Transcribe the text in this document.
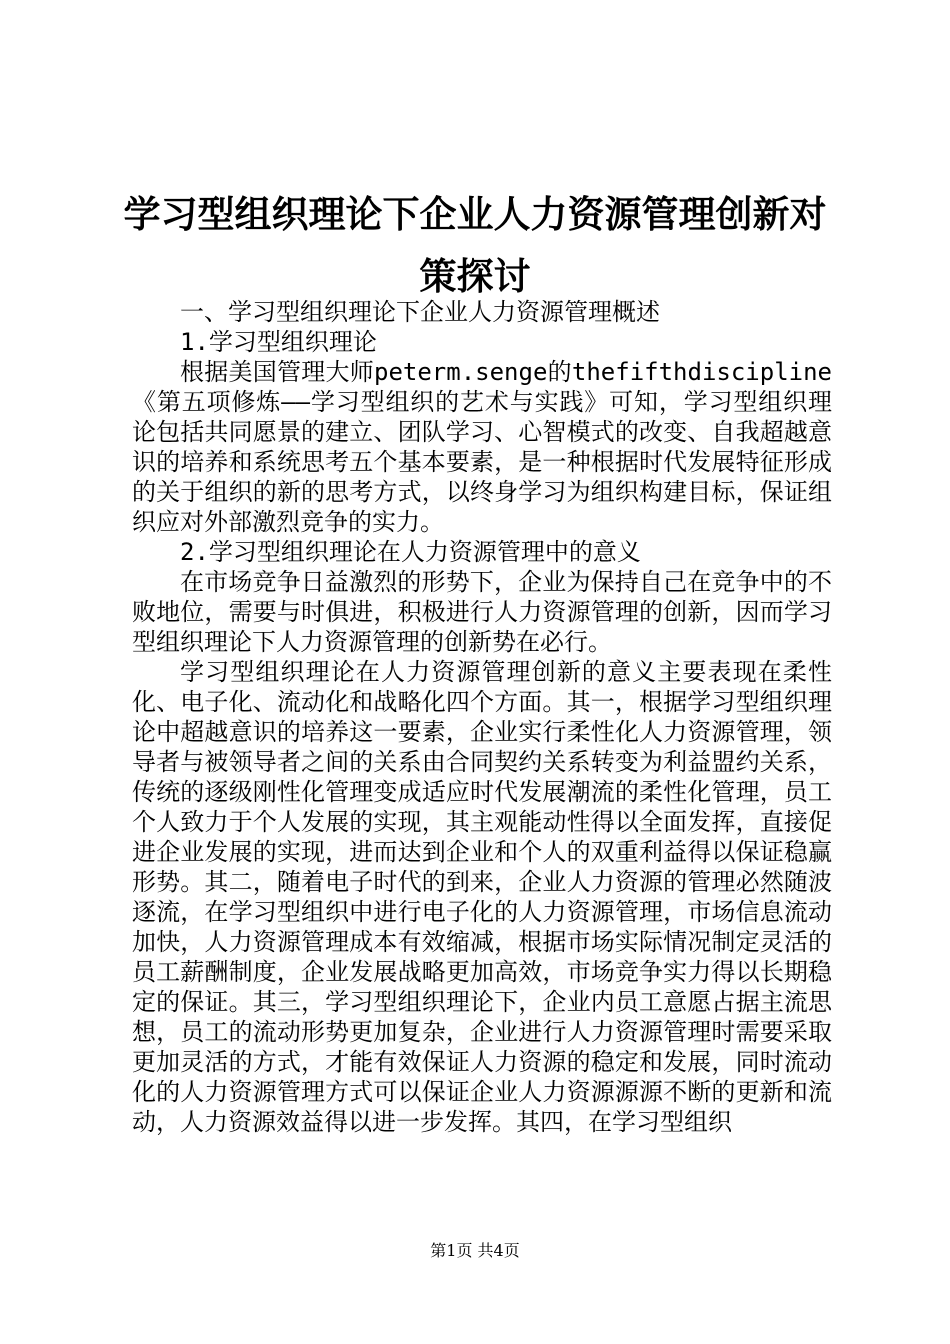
学习型组织理论下企业人力资源管理创新对策探讨

一、学习型组织理论下企业人力资源管理概述

1.学习型组织理论

根据美国管理大师peterm.senge的thefifthdiscipline《第五项修炼——学习型组织的艺术与实践》可知，学习型组织理论包括共同愿景的建立、团队学习、心智模式的改变、自我超越意识的培养和系统思考五个基本要素，是一种根据时代发展特征形成的关于组织的新的思考方式，以终身学习为组织构建目标，保证组织应对外部激烈竞争的实力。

2.学习型组织理论在人力资源管理中的意义

在市场竞争日益激烈的形势下，企业为保持自己在竞争中的不败地位，需要与时俱进，积极进行人力资源管理的创新，因而学习型组织理论下人力资源管理的创新势在必行。

学习型组织理论在人力资源管理创新的意义主要表现在柔性化、电子化、流动化和战略化四个方面。其一，根据学习型组织理论中超越意识的培养这一要素，企业实行柔性化人力资源管理，领导者与被领导者之间的关系由合同契约关系转变为利益盟约关系，传统的逐级刚性化管理变成适应时代发展潮流的柔性化管理，员工个人致力于个人发展的实现，其主观能动性得以全面发挥，直接促进企业发展的实现，进而达到企业和个人的双重利益得以保证稳赢形势。其二，随着电子时代的到来，企业人力资源的管理必然随波逐流，在学习型组织中进行电子化的人力资源管理，市场信息流动加快，人力资源管理成本有效缩减，根据市场实际情况制定灵活的员工薪酬制度，企业发展战略更加高效，市场竞争实力得以长期稳定的保证。其三，学习型组织理论下，企业内员工意愿占据主流思想，员工的流动形势更加复杂，企业进行人力资源管理时需要采取更加灵活的方式，才能有效保证人力资源的稳定和发展，同时流动化的人力资源管理方式可以保证企业人力资源源源不断的更新和流动，人力资源效益得以进一步发挥。其四，在学习型组织

第1页 共4页
